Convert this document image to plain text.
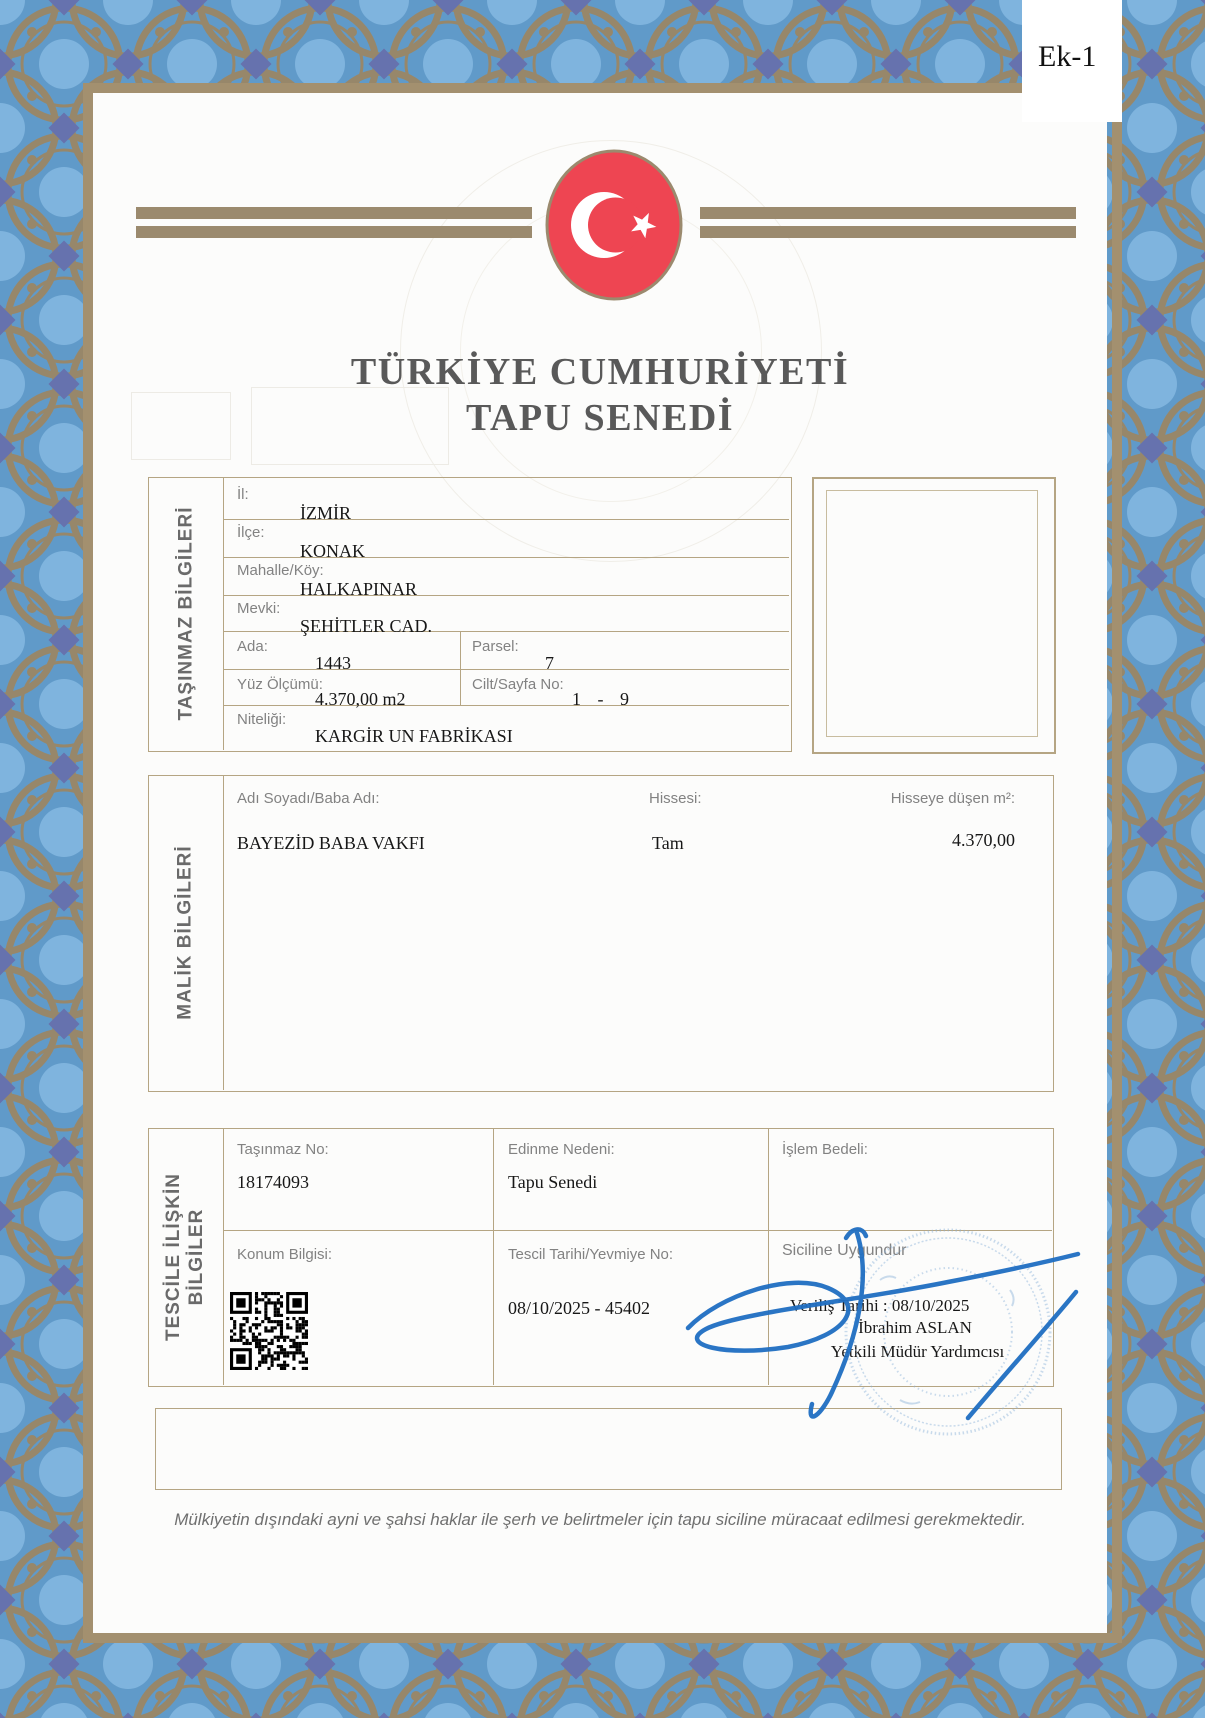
Ek-1
TÜRKİYE CUMHURİYETİ
TAPU SENEDİ
TAŞINMAZ BİLGİLERİ
İl:
İZMİR
İlçe:
KONAK
Mahalle/Köy:
HALKAPINAR
Mevki:
ŞEHİTLER CAD.
Ada:
1443
Parsel:
7
Yüz Ölçümü:
4.370,00 m2
Cilt/Sayfa No:
1 - 9
Niteliği:
KARGİR UN FABRİKASI
MALİK BİLGİLERİ
Adı Soyadı/Baba Adı:	Hissesi:	Hisseye düşen m²:
BAYEZİD BABA VAKFI	Tam	4.370,00
TESCİLE İLİŞKİN BİLGİLER
Taşınmaz No:
18174093
Edinme Nedeni:
Tapu Senedi
İşlem Bedeli:
Konum Bilgisi:	Tescil Tarihi/Yevmiye No:
08/10/2025 - 45402
Siciline Uygundur
Veriliş Tarihi : 08/10/2025
İbrahim ASLAN
Yetkili Müdür Yardımcısı
Mülkiyetin dışındaki ayni ve şahsi haklar ile şerh ve belirtmeler için tapu siciline müracaat edilmesi gerekmektedir.
